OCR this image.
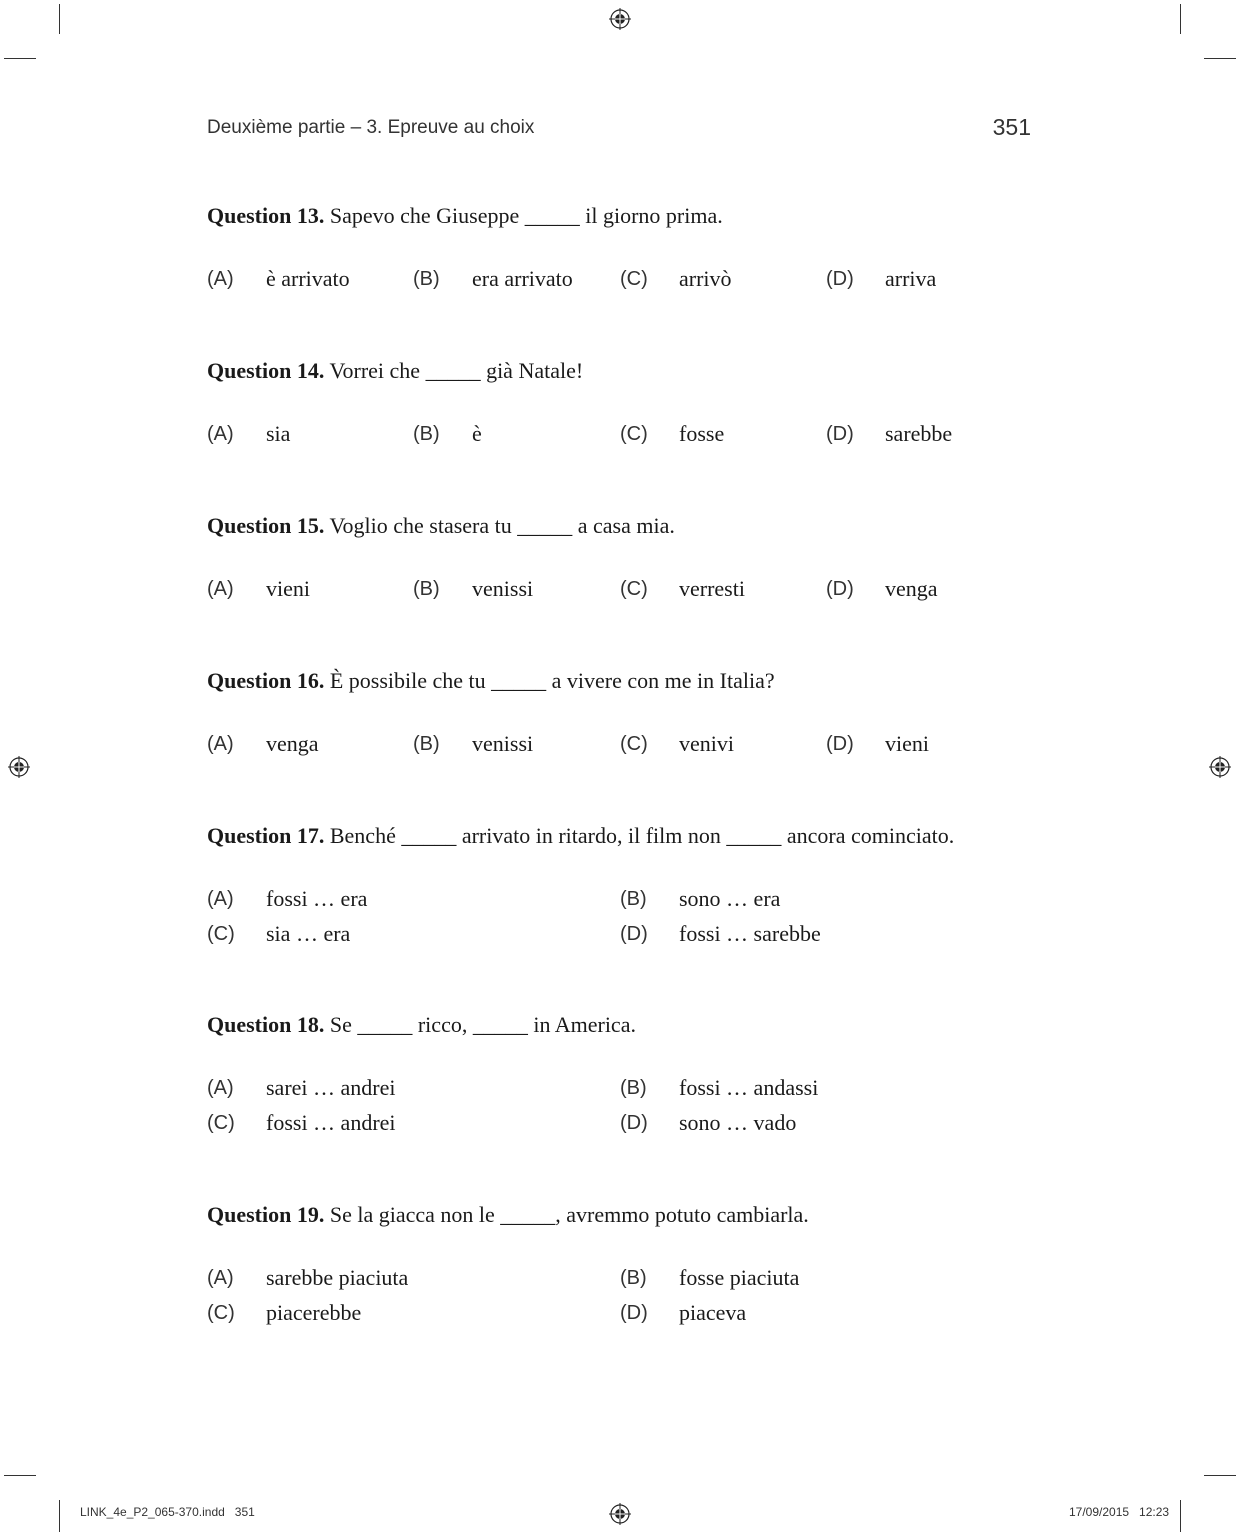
Deuxième partie – 3. Epreuve au choix	351
Question 13. Sapevo che Giuseppe _____ il giorno prima.
(A) è arrivato	(B) era arrivato (C) arrivò	(D) arriva
Question 14. Vorrei che _____ già Natale!
(A) sia	(B) è	(C) fosse	(D) sarebbe
Question 15. Voglio che stasera tu _____ a casa mia.
(A) vieni	(B) venissi	(C) verresti	(D) venga
Question 16. È possibile che tu _____ a vivere con me in Italia?
(A) venga	(B) venissi	(C) venivi	(D) vieni
Question 17. Benché _____ arrivato in ritardo, il film non _____ ancora cominciato.
(A) fossi … era	(B) sono … era
(C) sia … era	(D) fossi … sarebbe
Question 18. Se _____ ricco, _____ in America.
(A) sarei … andrei	(B) fossi … andassi
(C) fossi … andrei	(D) sono … vado
Question 19. Se la giacca non le _____, avremmo potuto cambiarla.
(A) sarebbe piaciuta	(B) fosse piaciuta
(C) piacerebbe	(D) piaceva
LINK_4e_P2_065-370.indd   351	17/09/2015   12:23
